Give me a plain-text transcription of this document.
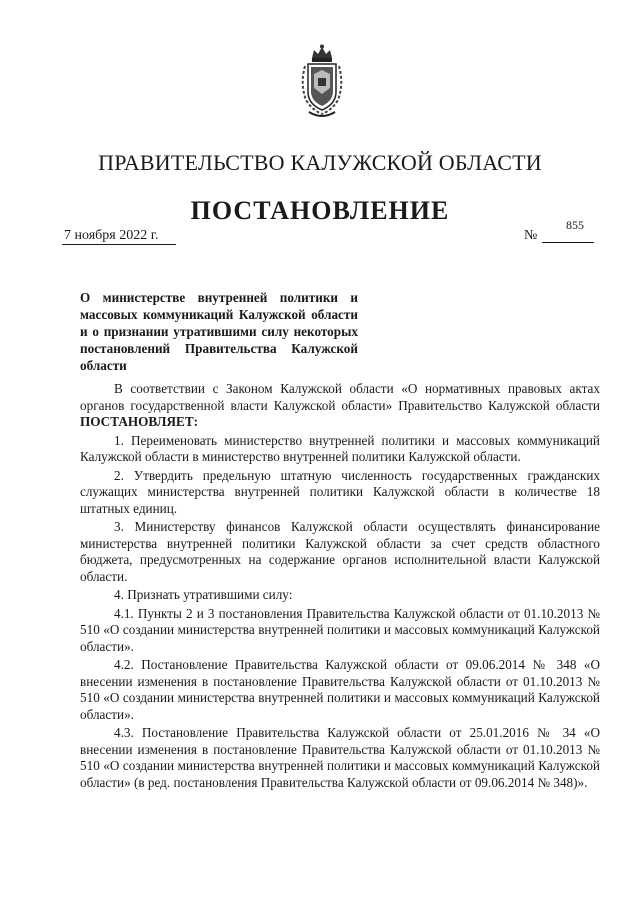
ПРАВИТЕЛЬСТВО КАЛУЖСКОЙ ОБЛАСТИ
ПОСТАНОВЛЕНИЕ
7 ноября 2022 г.	№
855
О министерстве внутренней политики и массовых коммуникаций Калужской области и о признании утратившими силу некоторых постановлений Правительства Калужской области

В соответствии с Законом Калужской области «О нормативных правовых актах органов государственной власти Калужской области» Правительство Калужской области ПОСТАНОВЛЯЕТ:

1. Переименовать министерство внутренней политики и массовых коммуникаций Калужской области в министерство внутренней политики Калужской области.

2. Утвердить предельную штатную численность государственных гражданских служащих министерства внутренней политики Калужской области в количестве 18 штатных единиц.

3. Министерству финансов Калужской области осуществлять финансирование министерства внутренней политики Калужской области за счет средств областного бюджета, предусмотренных на содержание органов исполнительной власти Калужской области.

4. Признать утратившими силу:

4.1. Пункты 2 и 3 постановления Правительства Калужской области от 01.10.2013 № 510 «О создании министерства внутренней политики и массовых коммуникаций Калужской области».

4.2. Постановление Правительства Калужской области от 09.06.2014 № 348 «О внесении изменения в постановление Правительства Калужской области от 01.10.2013 № 510 «О создании министерства внутренней политики и массовых коммуникаций Калужской области».

4.3. Постановление Правительства Калужской области от 25.01.2016 № 34 «О внесении изменения в постановление Правительства Калужской области от 01.10.2013 № 510 «О создании министерства внутренней политики и массовых коммуникаций Калужской области» (в ред. постановления Правительства Калужской области от 09.06.2014 № 348)».
